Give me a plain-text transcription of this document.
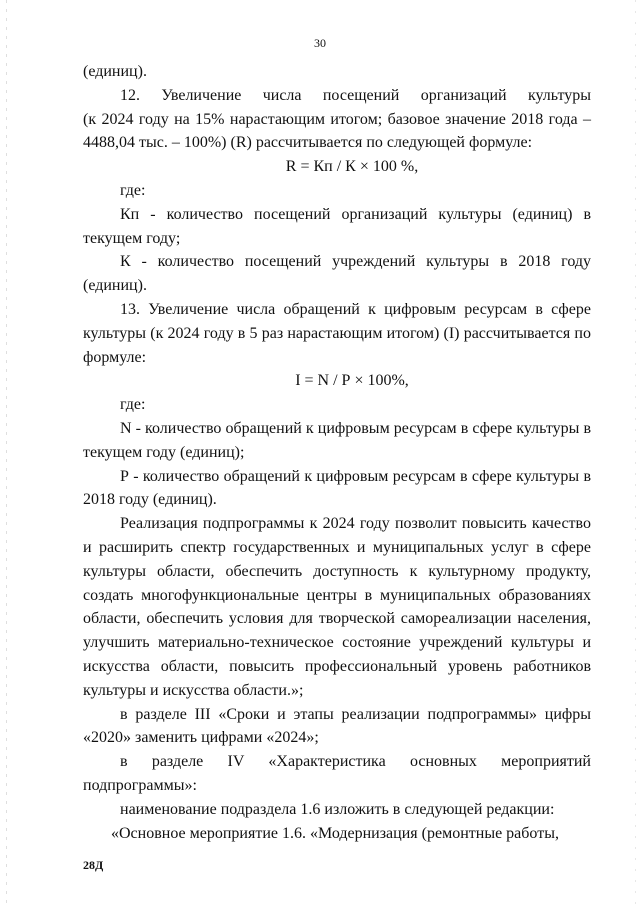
30

(единиц).

12.    Увеличение    числа    посещений    организаций    культуры

(к 2024 году на 15% нарастающим итогом; базовое значение 2018 года – 4488,04 тыс. – 100%) (R) рассчитывается по следующей формуле:

R = Кп / К × 100 %,

где:

Кп - количество посещений организаций культуры (единиц) в текущем году;

К - количество посещений учреждений культуры в 2018 году (единиц).

13. Увеличение числа обращений к цифровым ресурсам в сфере культуры (к 2024 году в 5 раз нарастающим итогом) (I) рассчитывается по формуле:

I = N / Р × 100%,

где:

N - количество обращений к цифровым ресурсам в сфере культуры в текущем году (единиц);

Р - количество обращений к цифровым ресурсам в сфере культуры в 2018 году (единиц).

Реализация подпрограммы к 2024 году позволит повысить качество и расширить спектр государственных и муниципальных услуг в сфере культуры области, обеспечить доступность к культурному продукту, создать многофункциональные центры в муниципальных образованиях области, обеспечить условия для творческой самореализации населения, улучшить материально-техническое состояние учреждений культуры и искусства области, повысить профессиональный уровень работников культуры и искусства области.»;

в разделе III «Сроки и этапы реализации подпрограммы» цифры «2020» заменить цифрами «2024»;

в      разделе      IV      «Характеристика      основных      мероприятий

подпрограммы»:

наименование подраздела 1.6 изложить в следующей редакции:

«Основное мероприятие 1.6. «Модернизация (ремонтные работы,

28Д
